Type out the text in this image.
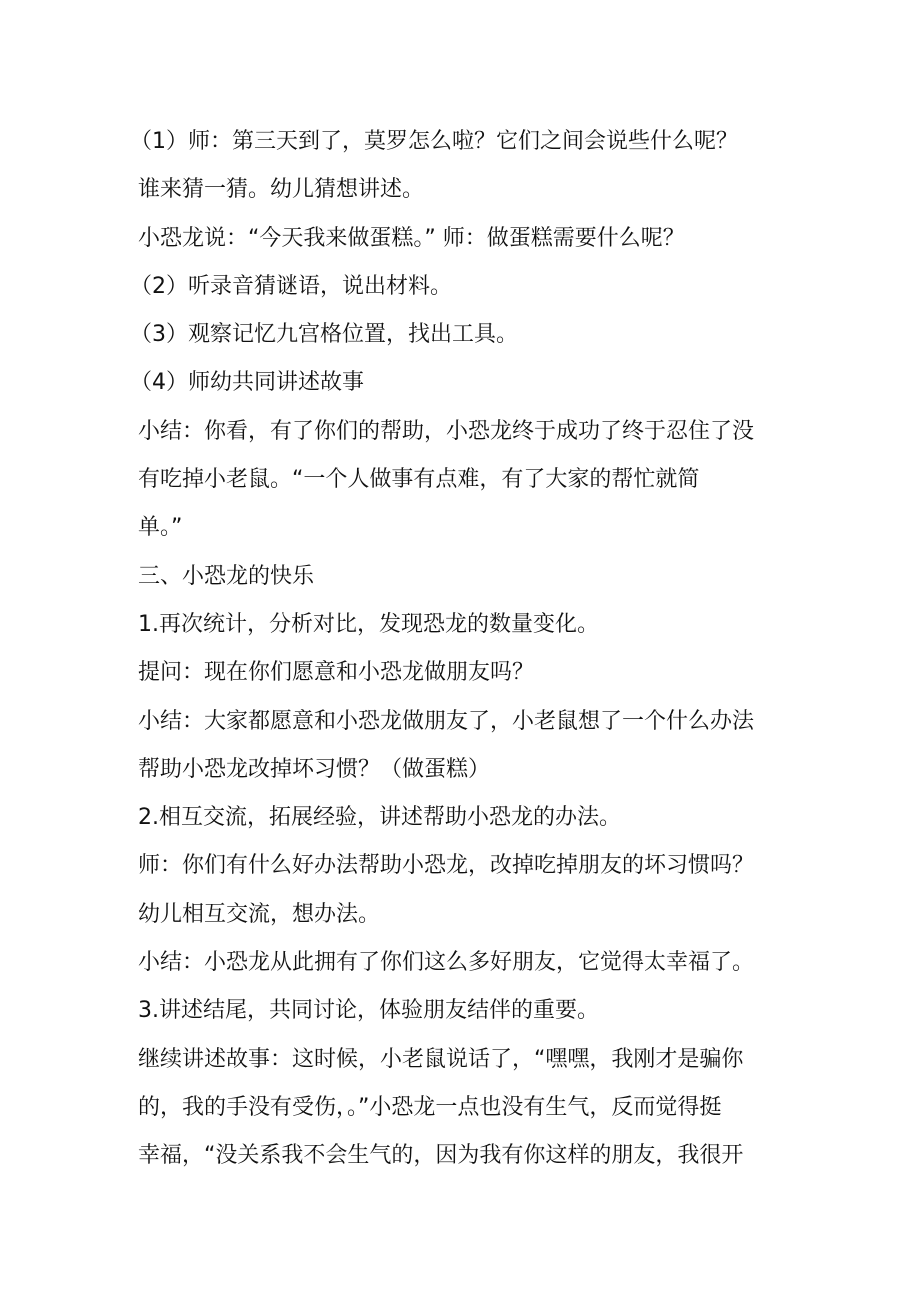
（1）师：第三天到了，莫罗怎么啦？它们之间会说些什么呢？
谁来猜一猜。幼儿猜想讲述。
小恐龙说：“今天我来做蛋糕。” 师：做蛋糕需要什么呢？
（2）听录音猜谜语，说出材料。
（3）观察记忆九宫格位置，找出工具。
（4）师幼共同讲述故事
小结：你看，有了你们的帮助，小恐龙终于成功了终于忍住了没
有吃掉小老鼠。“一个人做事有点难，有了大家的帮忙就简
单。”
三、小恐龙的快乐
1.再次统计，分析对比，发现恐龙的数量变化。
提问：现在你们愿意和小恐龙做朋友吗？
小结：大家都愿意和小恐龙做朋友了，小老鼠想了一个什么办法
帮助小恐龙改掉坏习惯？（做蛋糕）
2.相互交流，拓展经验，讲述帮助小恐龙的办法。
师：你们有什么好办法帮助小恐龙，改掉吃掉朋友的坏习惯吗？
幼儿相互交流，想办法。
小结：小恐龙从此拥有了你们这么多好朋友，它觉得太幸福了。
3.讲述结尾，共同讨论，体验朋友结伴的重要。
继续讲述故事：这时候，小老鼠说话了，“嘿嘿，我刚才是骗你
的，我的手没有受伤，。”小恐龙一点也没有生气，反而觉得挺
幸福，“没关系我不会生气的，因为我有你这样的朋友，我很开
